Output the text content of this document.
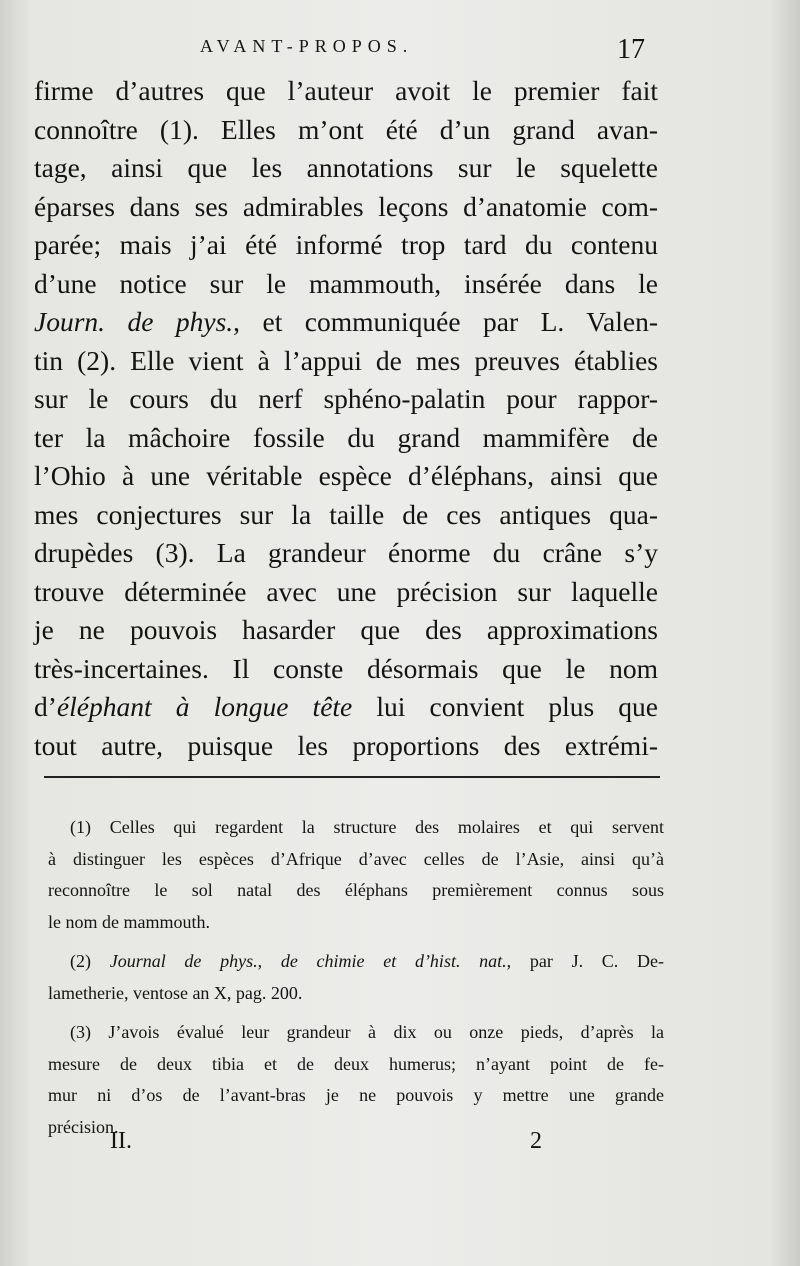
AVANT-PROPOS.	17
firme d’autres que l’auteur avoit le premier fait
connoître (1). Elles m’ont été d’un grand avan-
tage, ainsi que les annotations sur le squelette
éparses dans ses admirables leçons d’anatomie com-
parée; mais j’ai été informé trop tard du contenu
d’une notice sur le mammouth, insérée dans le
Journ. de phys., et communiquée par L. Valen-
tin (2). Elle vient à l’appui de mes preuves établies
sur le cours du nerf sphéno-palatin pour rappor-
ter la mâchoire fossile du grand mammifère de
l’Ohio à une véritable espèce d’éléphans, ainsi que
mes conjectures sur la taille de ces antiques qua-
drupèdes (3). La grandeur énorme du crâne s’y
trouve déterminée avec une précision sur laquelle
je ne pouvois hasarder que des approximations
très-incertaines. Il conste désormais que le nom
d’éléphant à longue tête lui convient plus que
tout autre, puisque les proportions des extrémi-
(1) Celles qui regardent la structure des molaires et qui servent
à distinguer les espèces d’Afrique d’avec celles de l’Asie, ainsi qu’à
reconnoître le sol natal des éléphans premièrement connus sous
le nom de mammouth.
(2) Journal de phys., de chimie et d’hist. nat., par J. C. De-
lametherie, ventose an X, pag. 200.
(3) J’avois évalué leur grandeur à dix ou onze pieds, d’après la
mesure de deux tibia et de deux humerus; n’ayant point de fe-
mur ni d’os de l’avant-bras je ne pouvois y mettre une grande
précision.
II.	2
